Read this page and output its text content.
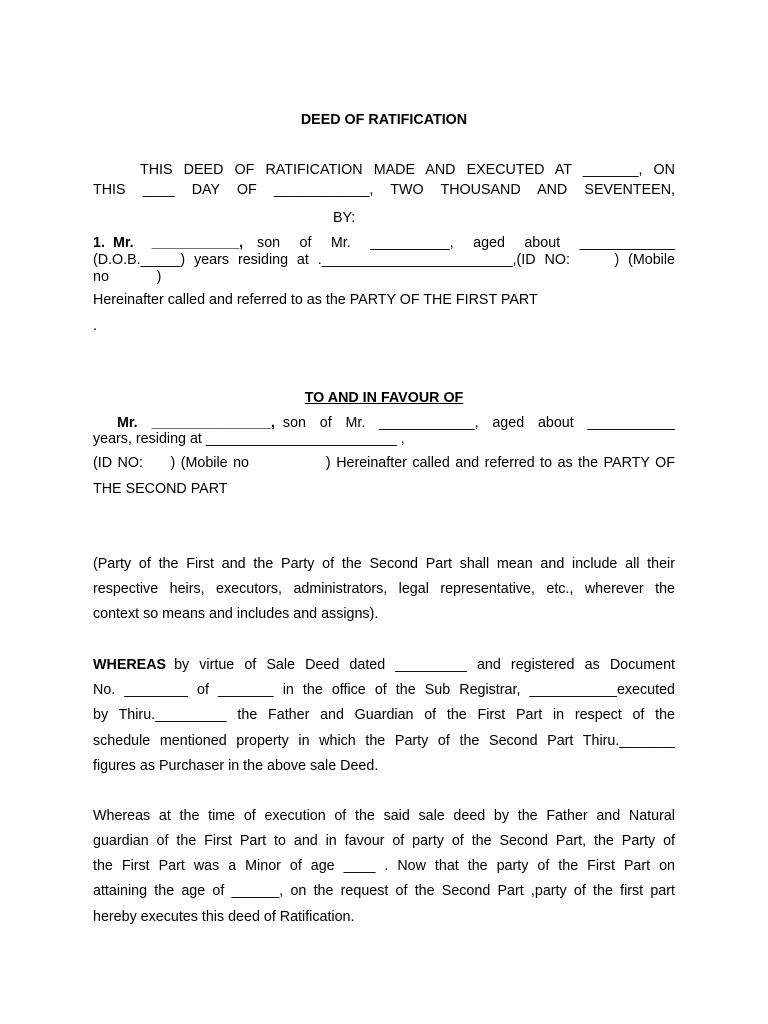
DEED OF RATIFICATION
THIS DEED OF RATIFICATION MADE AND EXECUTED AT _______, ON
THIS ____ DAY OF ____________, TWO THOUSAND AND SEVENTEEN,
BY:
1. Mr. ___________, son of Mr. __________, aged about ____________
(D.O.B._____) years residing at .________________________,(ID NO:     ) (Mobile
no            )
Hereinafter called and referred to as the PARTY OF THE FIRST PART
.
TO AND IN FAVOUR OF
Mr. _______________, son of Mr. ____________, aged about ___________
years, residing at ________________________ ,
(ID NO:     ) (Mobile no              ) Hereinafter called and referred to as the PARTY OF
THE SECOND PART
(Party of the First and the Party of the Second Part shall mean and include all their
respective heirs, executors, administrators, legal representative, etc., wherever the
context so means and includes and assigns).
WHEREAS by virtue of Sale Deed dated _________ and registered as Document
No. ________ of _______ in the office of the Sub Registrar, ___________executed
by Thiru._________ the Father and Guardian of the First Part in respect of the
schedule mentioned property in which the Party of the Second Part Thiru._______
figures as Purchaser in the above sale Deed.
Whereas at the time of execution of the said sale deed by the Father and Natural
guardian of the First Part to and in favour of party of the Second Part, the Party of
the First Part was a Minor of age ____ . Now that the party of the First Part on
attaining the age of ______, on the request of the Second Part ,party of the first part
hereby executes this deed of Ratification.
